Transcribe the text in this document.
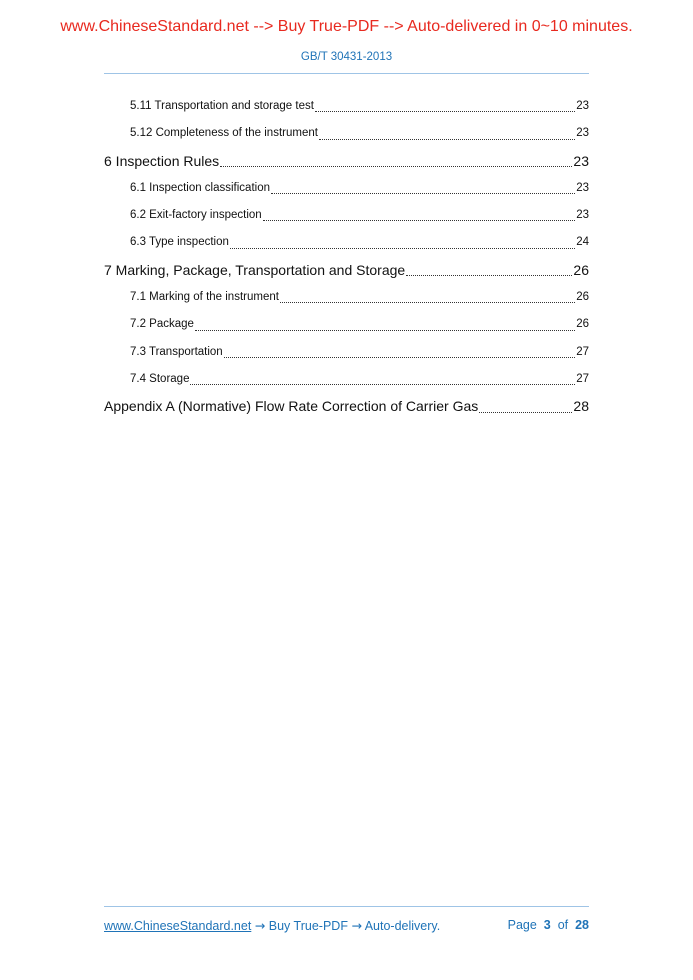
www.ChineseStandard.net --> Buy True-PDF --> Auto-delivered in 0~10 minutes.
GB/T 30431-2013
5.11 Transportation and storage test	23
5.12 Completeness of the instrument	23
6 Inspection Rules	23
6.1 Inspection classification	23
6.2 Exit-factory inspection	23
6.3 Type inspection	24
7 Marking, Package, Transportation and Storage	26
7.1 Marking of the instrument	26
7.2 Package	26
7.3 Transportation	27
7.4 Storage	27
Appendix A (Normative) Flow Rate Correction of Carrier Gas	28
www.ChineseStandard.net → Buy True-PDF → Auto-delivery.	Page 3 of 28
